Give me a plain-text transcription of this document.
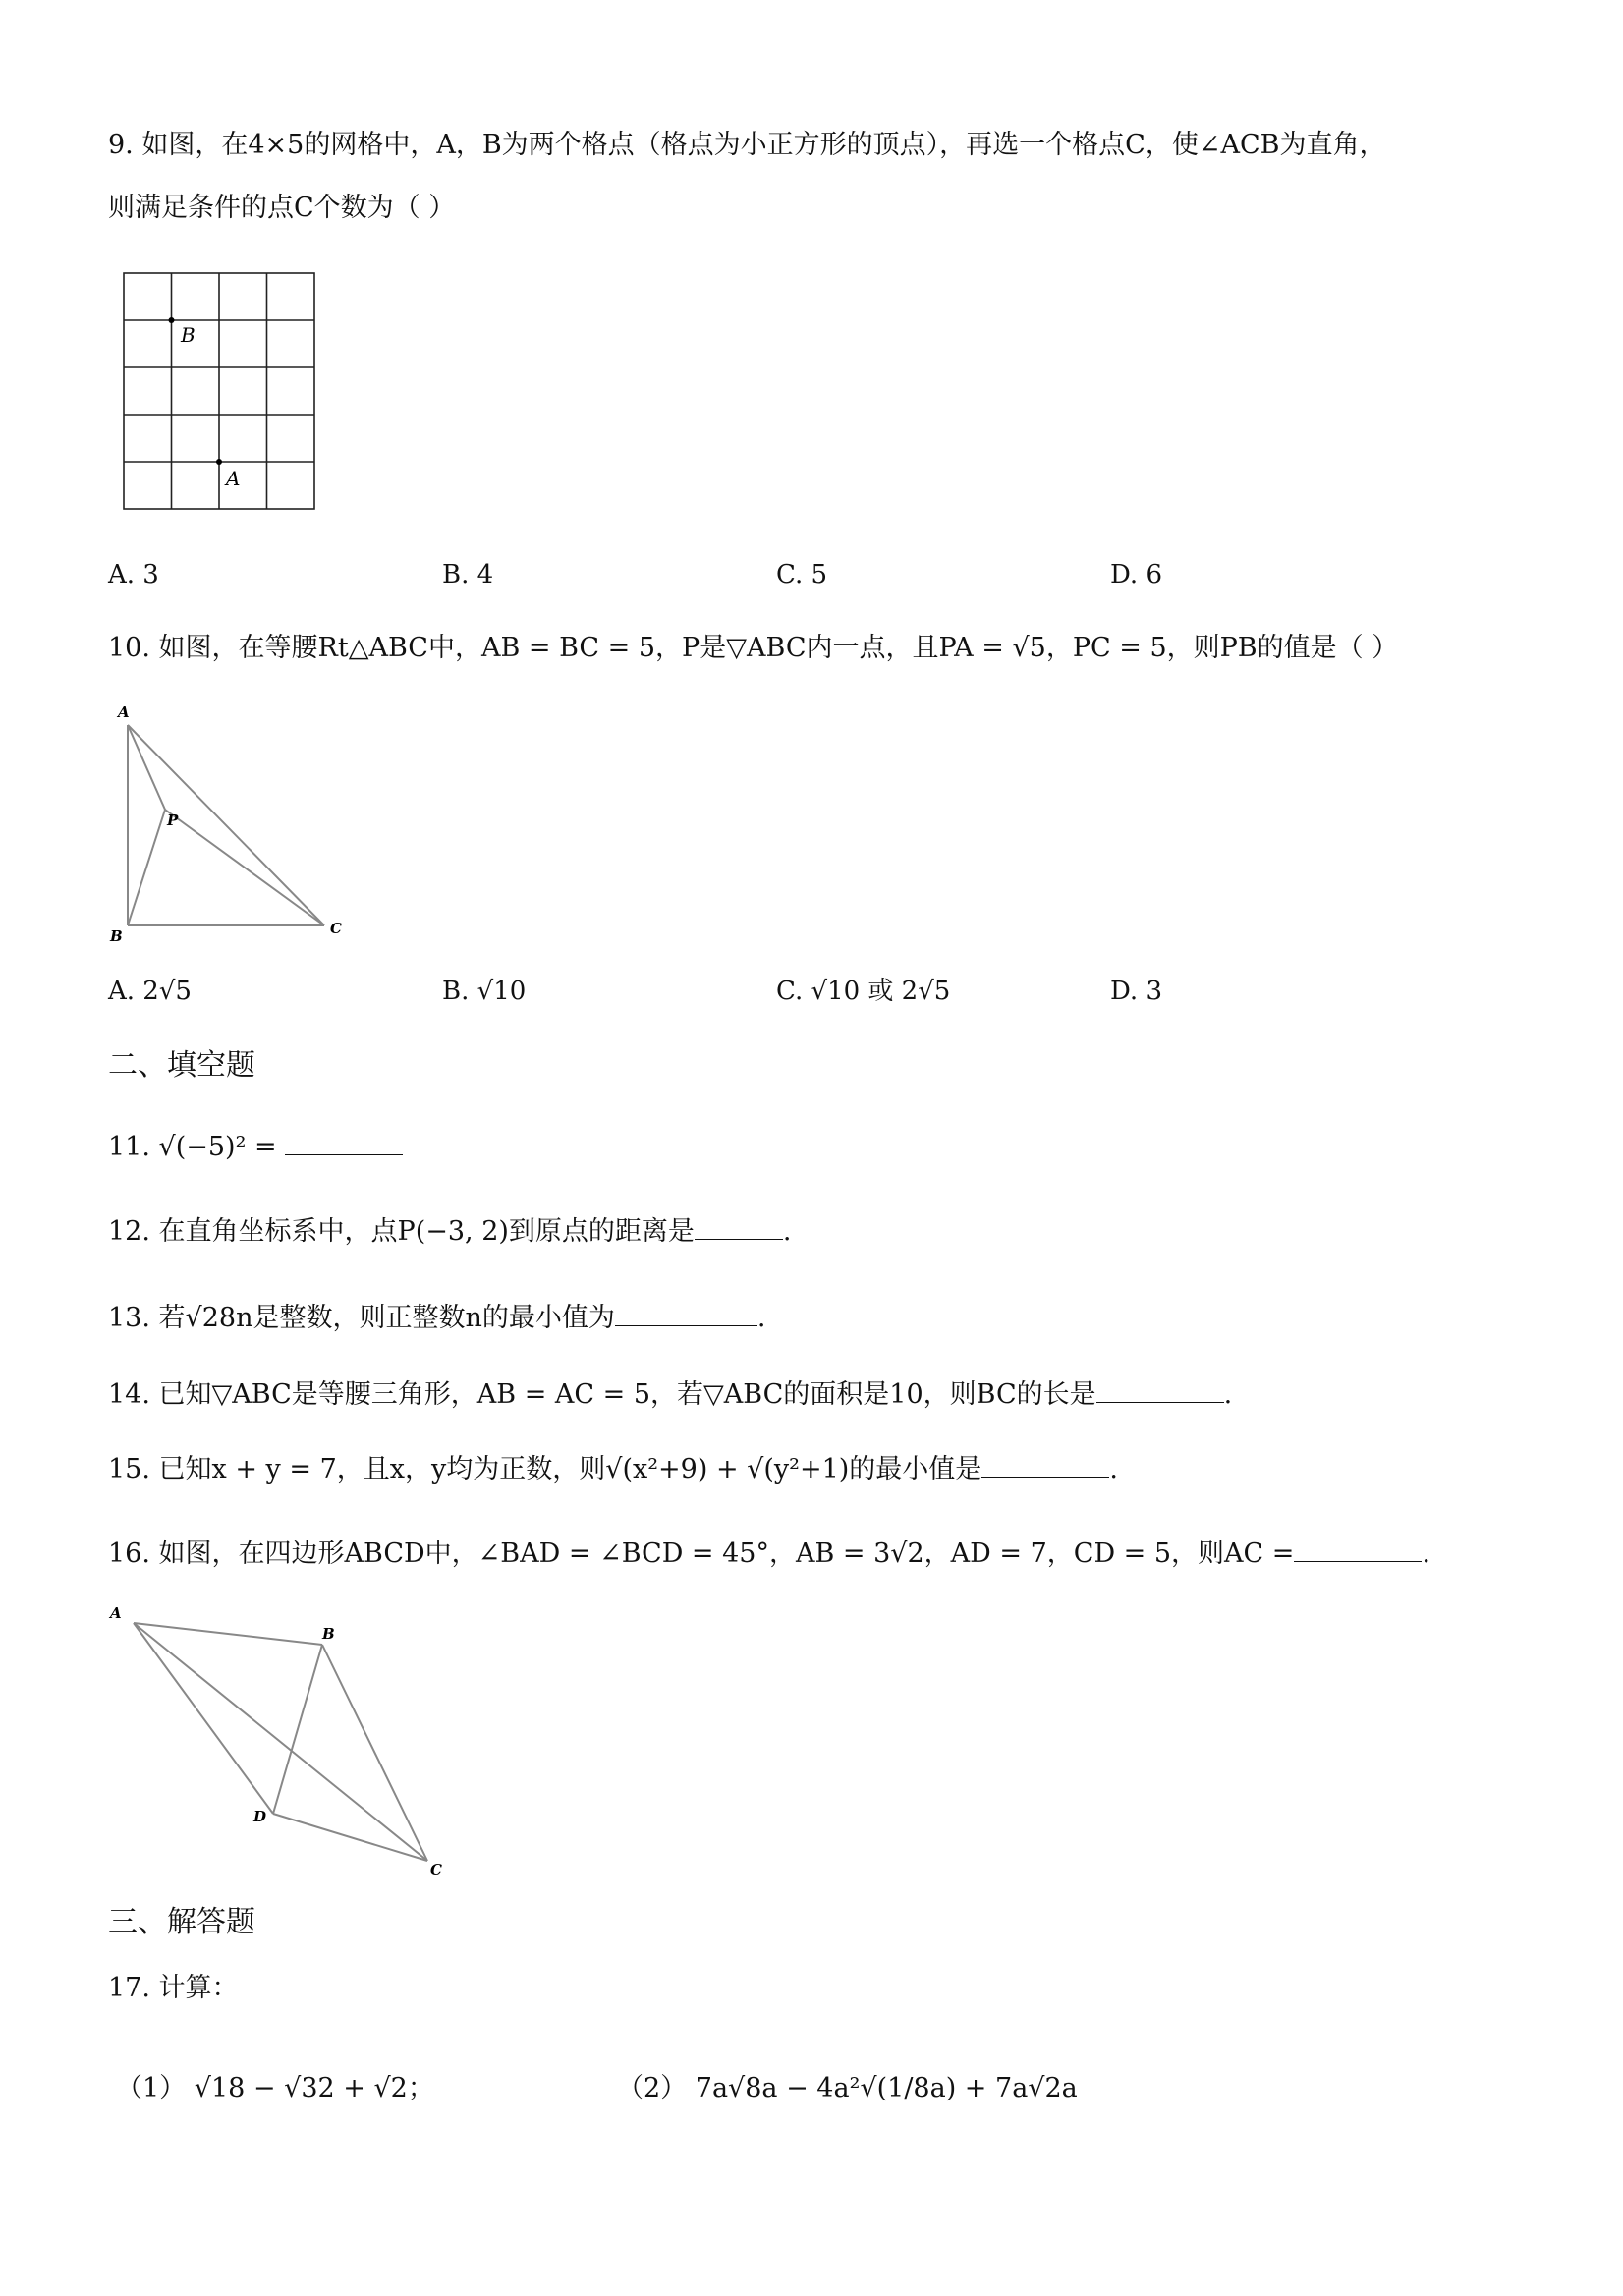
9. 如图，在4×5的网格中，A，B为两个格点（格点为小正方形的顶点），再选一个格点C，使∠ACB为直角，
则满足条件的点C个数为（ ）
B
A
A. 3	B. 4	C. 5	D. 6
10. 如图，在等腰Rt△ABC中，AB = BC = 5，P是▽ABC内一点，且PA = √5，PC = 5，则PB的值是（ ）
A
P
B	C
A. 2√5	B. √10	C. √10 或 2√5	D. 3
二、填空题
11. √(−5)² =
12. 在直角坐标系中，点P(−3, 2)到原点的距离是	.
13. 若√28n是整数，则正整数n的最小值为	.
14. 已知▽ABC是等腰三角形，AB = AC = 5，若▽ABC的面积是10，则BC的长是	.
15. 已知x + y = 7，且x，y均为正数，则√(x²+9) + √(y²+1)的最小值是	.
16. 如图，在四边形ABCD中，∠BAD = ∠BCD = 45°，AB = 3√2，AD = 7，CD = 5，则AC =	.
A
B
D
C
三、解答题
17. 计算：
（1） √18 − √32 + √2；	（2） 7a√8a − 4a²√(1/8a) + 7a√2a
